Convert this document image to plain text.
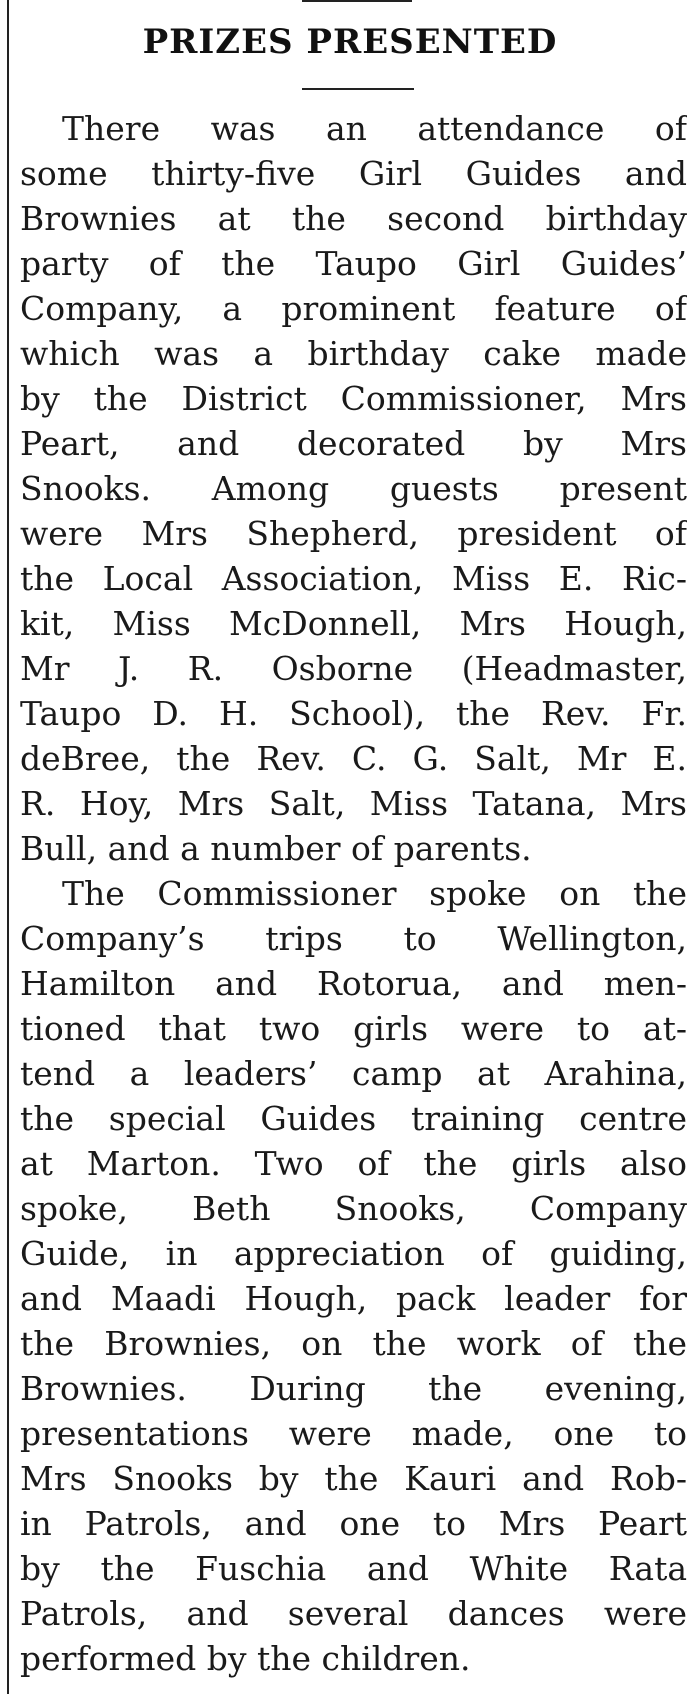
PRIZES PRESENTED
There was an attendance of
some thirty-five Girl Guides and
Brownies at the second birthday
party of the Taupo Girl Guides’
Company, a prominent feature of
which was a birthday cake made
by the District Commissioner, Mrs
Peart, and decorated by Mrs
Snooks. Among guests present
were Mrs Shepherd, president of
the Local Association, Miss E. Ric-
kit, Miss McDonnell, Mrs Hough,
Mr J. R. Osborne (Headmaster,
Taupo D. H. School), the Rev. Fr.
deBree, the Rev. C. G. Salt, Mr E.
R. Hoy, Mrs Salt, Miss Tatana, Mrs
Bull, and a number of parents.
The Commissioner spoke on the
Company’s trips to Wellington,
Hamilton and Rotorua, and men-
tioned that two girls were to at-
tend a leaders’ camp at Arahina,
the special Guides training centre
at Marton. Two of the girls also
spoke, Beth Snooks, Company
Guide, in appreciation of guiding,
and Maadi Hough, pack leader for
the Brownies, on the work of the
Brownies. During the evening,
presentations were made, one to
Mrs Snooks by the Kauri and Rob-
in Patrols, and one to Mrs Peart
by the Fuschia and White Rata
Patrols, and several dances were
performed by the children.
